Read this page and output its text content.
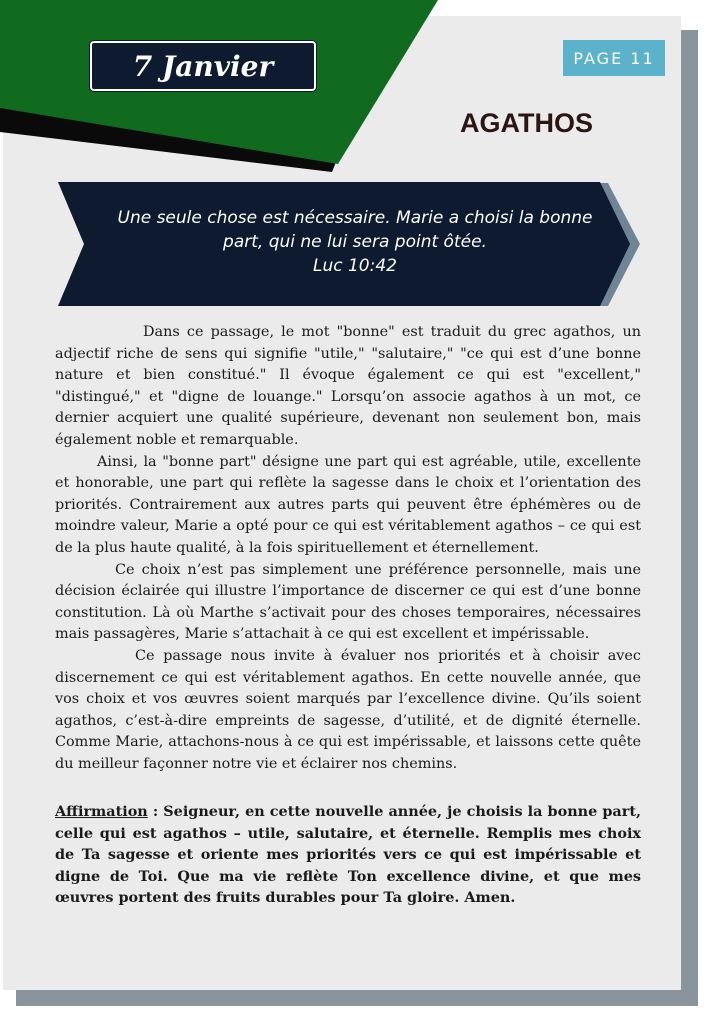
7 Janvier	PAGE 11
AGATHOS
Une seule chose est nécessaire. Marie a choisi la bonne
part, qui ne lui sera point ôtée.
Luc 10:42

Dans ce passage, le mot "bonne" est traduit du grec agathos, un adjectif riche de sens qui signifie "utile," "salutaire," "ce qui est d’une bonne nature et bien constitué." Il évoque également ce qui est "excellent," "distingué," et "digne de louange." Lorsqu’on associe agathos à un mot, ce dernier acquiert une qualité supérieure, devenant non seulement bon, mais également noble et remarquable.

Ainsi, la "bonne part" désigne une part qui est agréable, utile, excellente et honorable, une part qui reflète la sagesse dans le choix et l’orientation des priorités. Contrairement aux autres parts qui peuvent être éphémères ou de moindre valeur, Marie a opté pour ce qui est véritablement agathos – ce qui est de la plus haute qualité, à la fois spirituellement et éternellement.

Ce choix n’est pas simplement une préférence personnelle, mais une décision éclairée qui illustre l’importance de discerner ce qui est d’une bonne constitution. Là où Marthe s’activait pour des choses temporaires, nécessaires mais passagères, Marie s’attachait à ce qui est excellent et impérissable.

Ce passage nous invite à évaluer nos priorités et à choisir avec discernement ce qui est véritablement agathos. En cette nouvelle année, que vos choix et vos œuvres soient marqués par l’excellence divine. Qu’ils soient agathos, c’est-à-dire empreints de sagesse, d’utilité, et de dignité éternelle. Comme Marie, attachons-nous à ce qui est impérissable, et laissons cette quête du meilleur façonner notre vie et éclairer nos chemins.

Affirmation : Seigneur, en cette nouvelle année, je choisis la bonne part, celle qui est agathos – utile, salutaire, et éternelle. Remplis mes choix de Ta sagesse et oriente mes priorités vers ce qui est impérissable et digne de Toi. Que ma vie reflète Ton excellence divine, et que mes œuvres portent des fruits durables pour Ta gloire. Amen.
